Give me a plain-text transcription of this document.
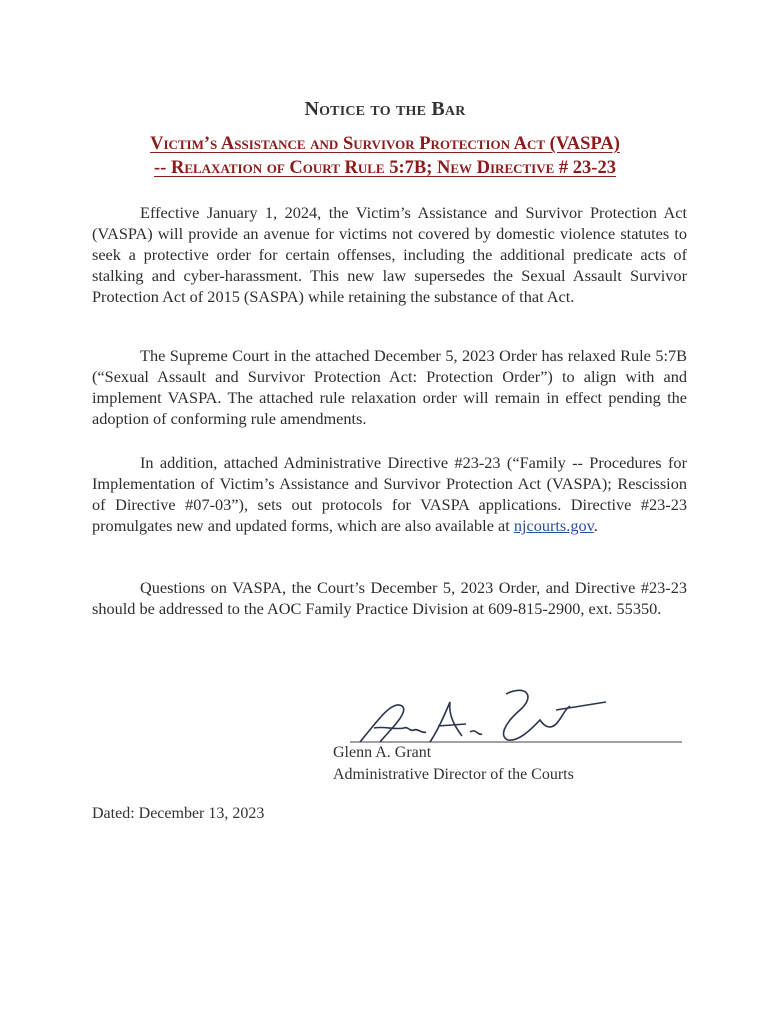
Notice to the Bar
Victim’s Assistance and Survivor Protection Act (VASPA)
-- Relaxation of Court Rule 5:7B; New Directive # 23-23

Effective January 1, 2024, the Victim’s Assistance and Survivor Protection Act (VASPA) will provide an avenue for victims not covered by domestic violence statutes to seek a protective order for certain offenses, including the additional predicate acts of stalking and cyber-harassment. This new law supersedes the Sexual Assault Survivor Protection Act of 2015 (SASPA) while retaining the substance of that Act.

The Supreme Court in the attached December 5, 2023 Order has relaxed Rule 5:7B (“Sexual Assault and Survivor Protection Act: Protection Order”) to align with and implement VASPA. The attached rule relaxation order will remain in effect pending the adoption of conforming rule amendments.

In addition, attached Administrative Directive #23-23 (“Family -- Procedures for Implementation of Victim’s Assistance and Survivor Protection Act (VASPA); Rescission of Directive #07-03”), sets out protocols for VASPA applications. Directive #23-23 promulgates new and updated forms, which are also available at njcourts.gov.

Questions on VASPA, the Court’s December 5, 2023 Order, and Directive #23-23 should be addressed to the AOC Family Practice Division at 609-815-2900, ext. 55350.

Glenn A. Grant
Administrative Director of the Courts
Dated: December 13, 2023
